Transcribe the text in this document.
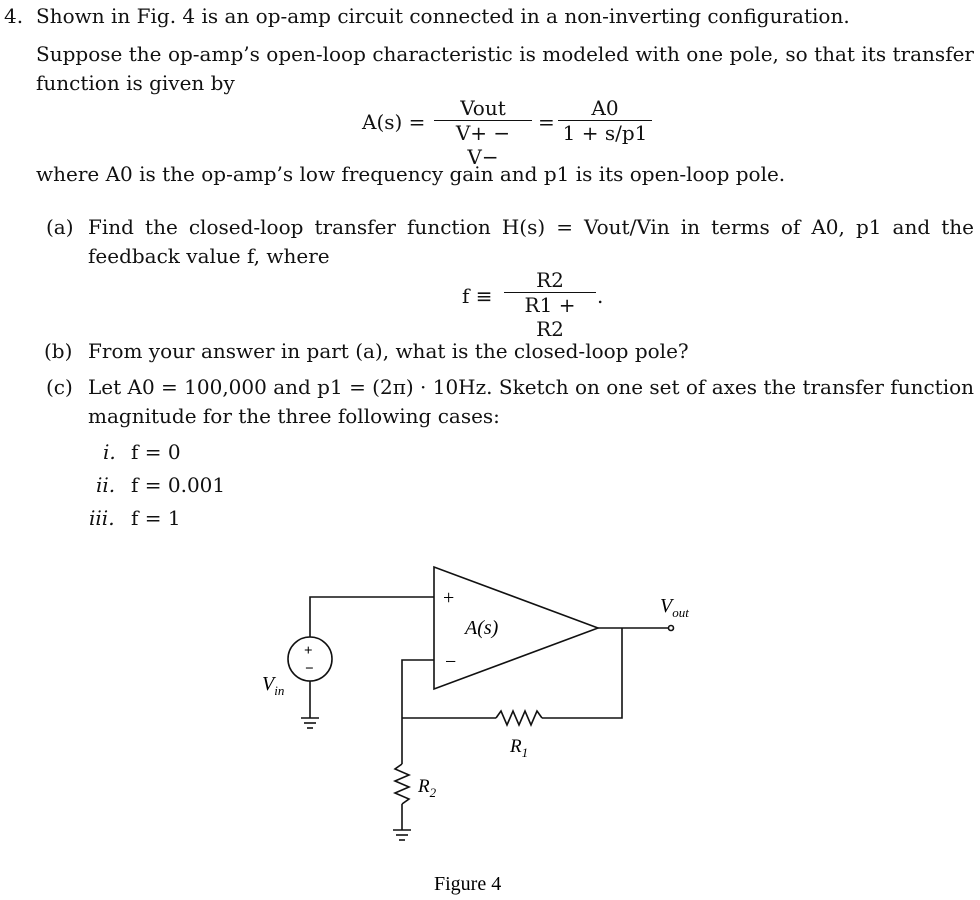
4. Shown in Fig. 4 is an op-amp circuit connected in a non-inverting configuration.
Suppose the op-amp’s open-loop characteristic is modeled with one pole, so that its transfer
function is given by
A(s) =
Vout
V+ − V−
= $\frac{A0}{1 + s/p1}$
where A0 is the op-amp’s low frequency gain and p1 is its open-loop pole.
(a) Find the closed-loop transfer function H(s) = Vout/Vin in terms of A0, p1 and the
feedback value f, where
$f \equiv \frac{R2}{R1 + R2}$ .
(b) From your answer in part (a), what is the closed-loop pole?
(c) Let A0 = 100,000 and p1 = (2π) · 10Hz. Sketch on one set of axes the transfer function
magnitude for the three following cases:
i. f = 0
ii. f = 0.001
iii. f = 1
+
−
A(s)
+
−
$V_{out}$
$V_{in}$
$R_1$
$R_2$
Figure 4
